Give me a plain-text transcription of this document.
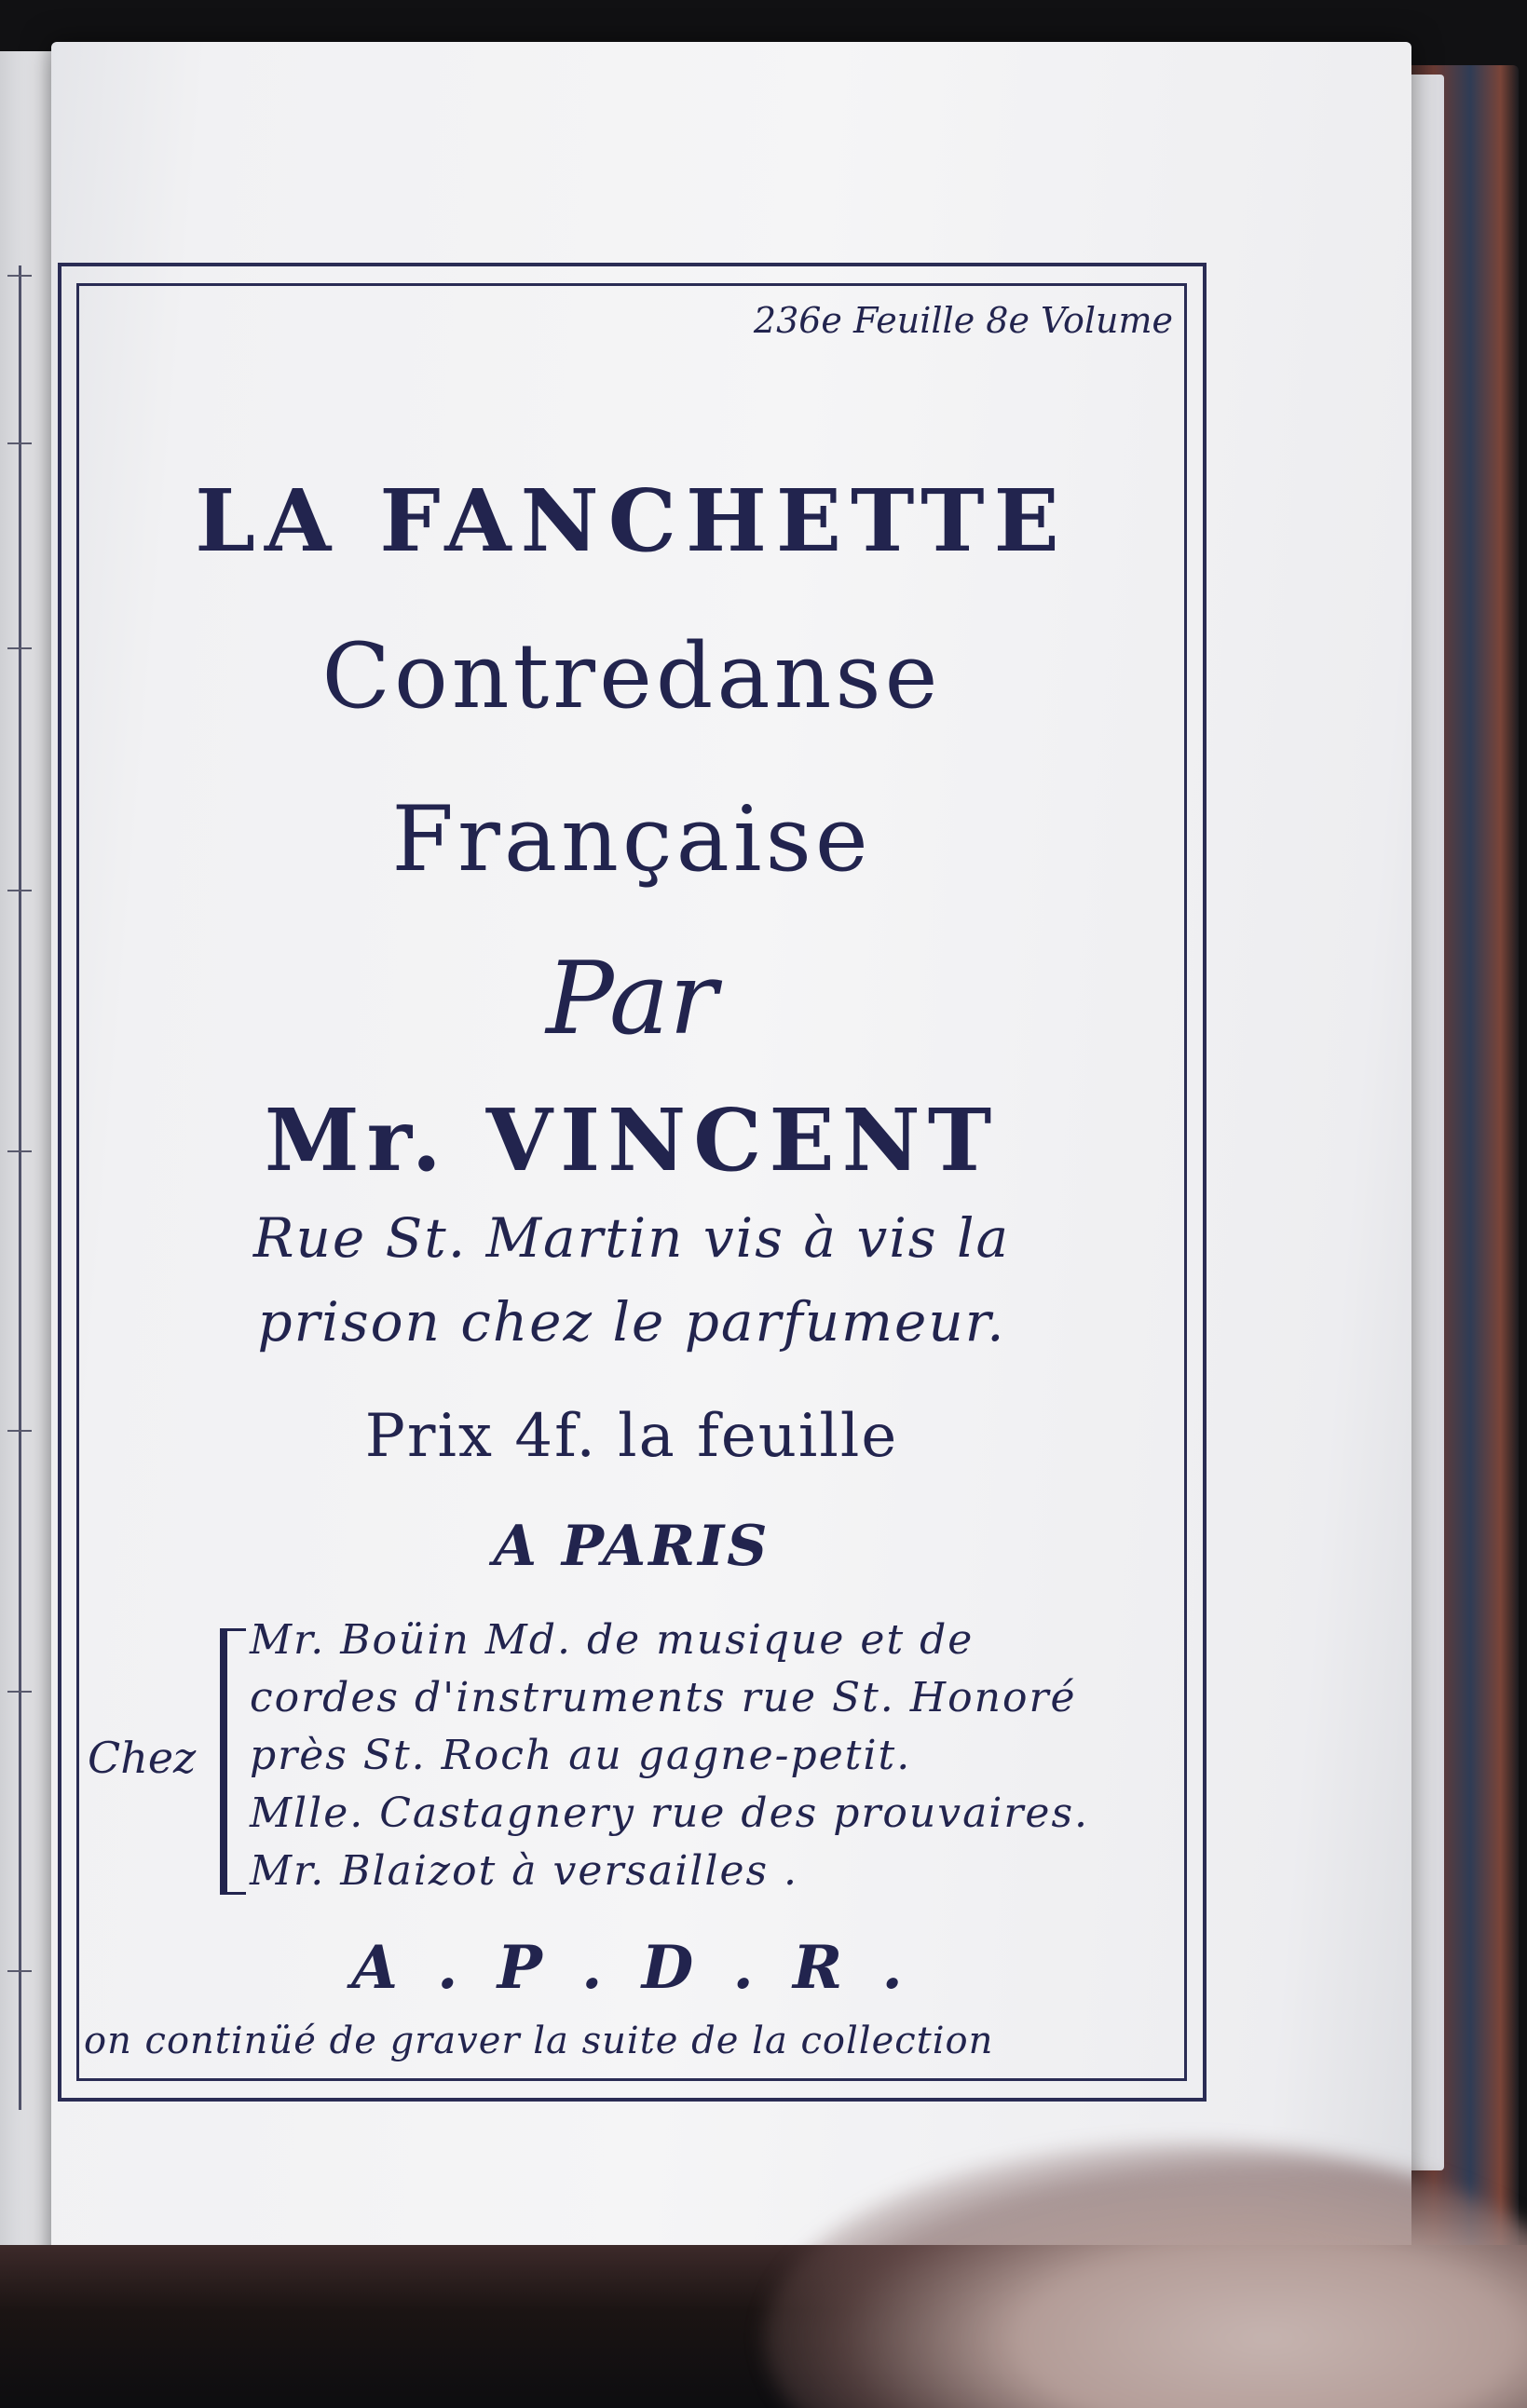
236e Feuille 8e Volume
LA FANCHETTE
Contredanse
Française
Par
Mr. VINCENT
Rue St. Martin vis à vis la
prison chez le parfumeur.
Prix 4f. la feuille
A PARIS
Chez
Mr. Boüin Md. de musique et de
cordes d'instruments rue St. Honoré
près St. Roch au gagne-petit.
Mlle. Castagnery rue des prouvaires.
Mr. Blaizot à versailles .
A . P . D . R .
on continüé de graver la suite de la collection
